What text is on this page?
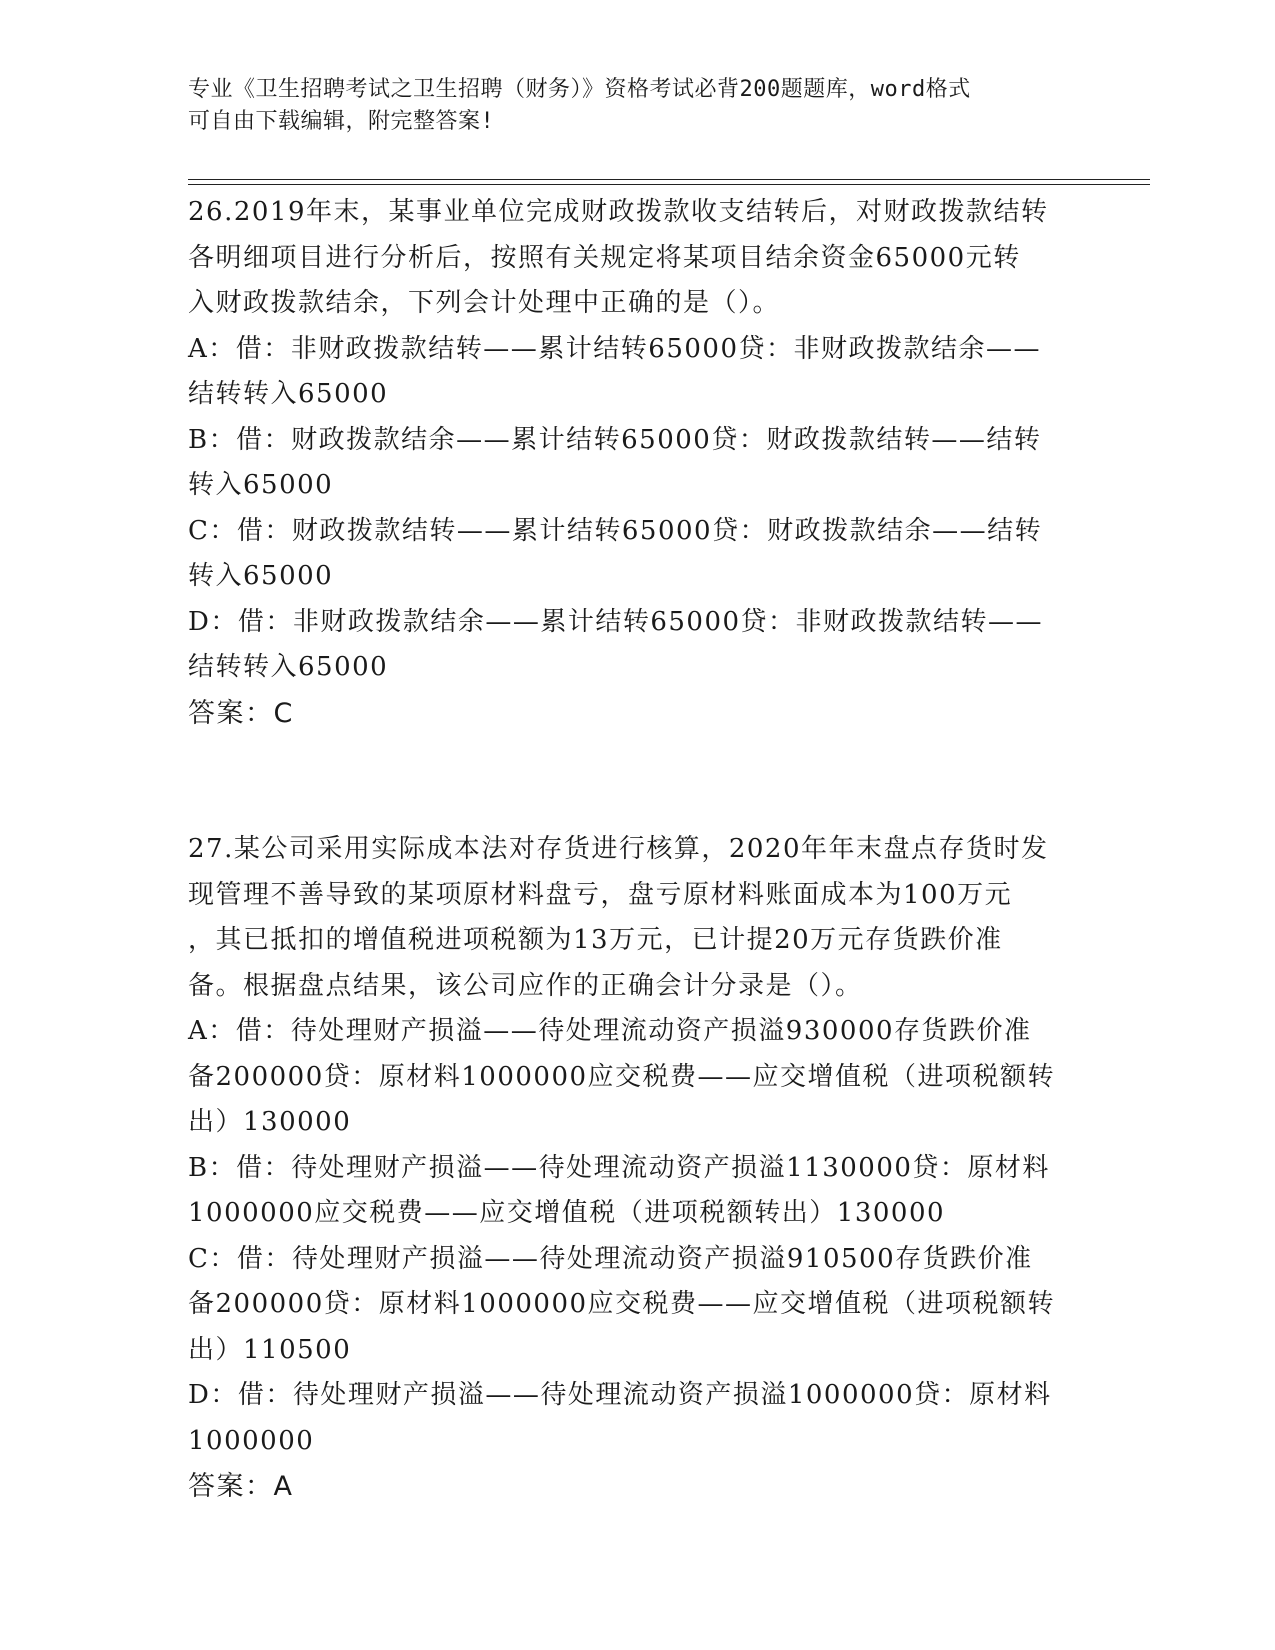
专业《卫生招聘考试之卫生招聘（财务）》资格考试必背200题题库，word格式

可自由下载编辑，附完整答案!

26.2019年末，某事业单位完成财政拨款收支结转后，对财政拨款结转

各明细项目进行分析后，按照有关规定将某项目结余资金65000元转

入财政拨款结余，下列会计处理中正确的是（）。

A：借：非财政拨款结转——累计结转65000贷：非财政拨款结余——

结转转入65000

B：借：财政拨款结余——累计结转65000贷：财政拨款结转——结转

转入65000

C：借：财政拨款结转——累计结转65000贷：财政拨款结余——结转

转入65000

D：借：非财政拨款结余——累计结转65000贷：非财政拨款结转——

结转转入65000

答案：C

27.某公司采用实际成本法对存货进行核算，2020年年末盘点存货时发

现管理不善导致的某项原材料盘亏，盘亏原材料账面成本为100万元

，其已抵扣的增值税进项税额为13万元，已计提20万元存货跌价准

备。根据盘点结果，该公司应作的正确会计分录是（）。

A：借：待处理财产损溢——待处理流动资产损溢930000存货跌价准

备200000贷：原材料1000000应交税费——应交增值税（进项税额转

出）130000

B：借：待处理财产损溢——待处理流动资产损溢1130000贷：原材料

1000000应交税费——应交增值税（进项税额转出）130000

C：借：待处理财产损溢——待处理流动资产损溢910500存货跌价准

备200000贷：原材料1000000应交税费——应交增值税（进项税额转

出）110500

D：借：待处理财产损溢——待处理流动资产损溢1000000贷：原材料

1000000

答案：A
